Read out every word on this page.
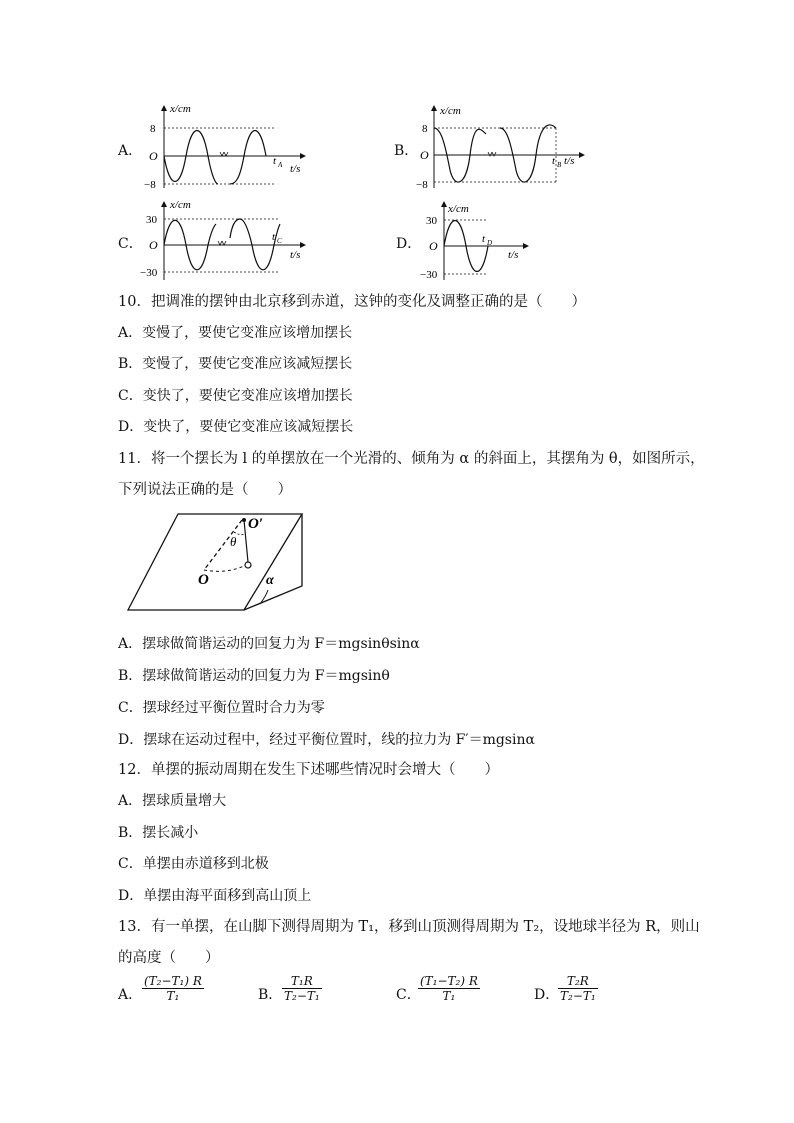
A．
x/cm
8
O
−8
t A t/s
B．
x/cm
8
O
−8
t B t/s
C．
x/cm
30
O
−30
t C
t/s
D．
x/cm
30
O
−30
t D
t/s
10．把调准的摆钟由北京移到赤道，这钟的变化及调整正确的是（　　）
A．变慢了，要使它变准应该增加摆长
B．变慢了，要使它变准应该减短摆长
C．变快了，要使它变准应该增加摆长
D．变快了，要使它变准应该减短摆长
11．将一个摆长为 l 的单摆放在一个光滑的、倾角为 α 的斜面上，其摆角为 θ，如图所示，
下列说法正确的是（　　）
O′
θ
O	α
A．摆球做简谐运动的回复力为 F＝mgsinθsinα
B．摆球做简谐运动的回复力为 F＝mgsinθ
C．摆球经过平衡位置时合力为零
D．摆球在运动过程中，经过平衡位置时，线的拉力为 F′＝mgsinα
12．单摆的振动周期在发生下述哪些情况时会增大（　　）
A．摆球质量增大
B．摆长减小
C．单摆由赤道移到北极
D．单摆由海平面移到高山顶上
13．有一单摆，在山脚下测得周期为 T₁，移到山顶测得周期为 T₂，设地球半径为 R，则山
的高度（　　）
A． $\frac{\text{(T₂−T₁) R}}{\text{T₁}}$	B． $\frac{\text{T₁R}}{\text{T₂−T₁}}$	C．
$\frac{\text{(T₁−T₂) R}}{\text{T₁}}$	D．
$\frac{\text{T₂R}}{\text{T₂−T₁}}$
